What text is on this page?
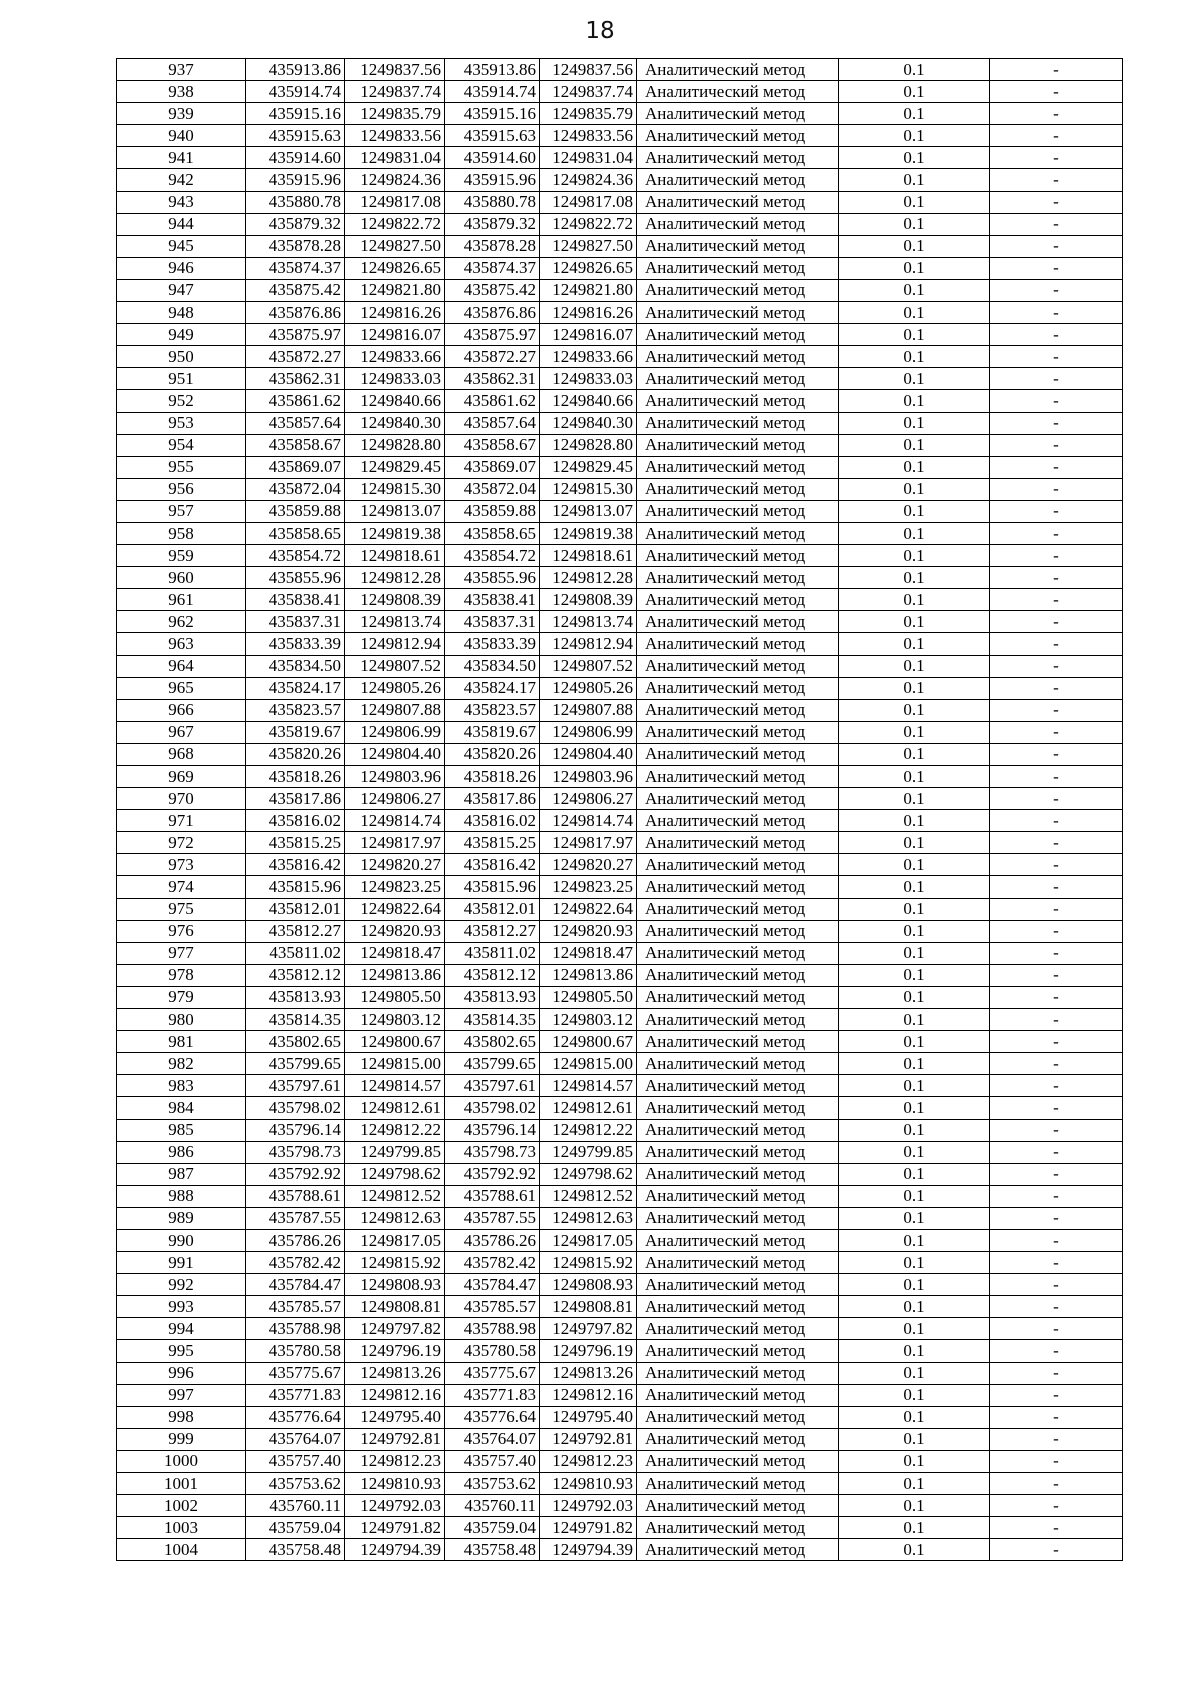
18
937	435913.86	1249837.56	435913.86	1249837.56	Аналитический метод	0.1	-
938	435914.74	1249837.74	435914.74	1249837.74	Аналитический метод	0.1	-
939	435915.16	1249835.79	435915.16	1249835.79	Аналитический метод	0.1	-
940	435915.63	1249833.56	435915.63	1249833.56	Аналитический метод	0.1	-
941	435914.60	1249831.04	435914.60	1249831.04	Аналитический метод	0.1	-
942	435915.96	1249824.36	435915.96	1249824.36	Аналитический метод	0.1	-
943	435880.78	1249817.08	435880.78	1249817.08	Аналитический метод	0.1	-
944	435879.32	1249822.72	435879.32	1249822.72	Аналитический метод	0.1	-
945	435878.28	1249827.50	435878.28	1249827.50	Аналитический метод	0.1	-
946	435874.37	1249826.65	435874.37	1249826.65	Аналитический метод	0.1	-
947	435875.42	1249821.80	435875.42	1249821.80	Аналитический метод	0.1	-
948	435876.86	1249816.26	435876.86	1249816.26	Аналитический метод	0.1	-
949	435875.97	1249816.07	435875.97	1249816.07	Аналитический метод	0.1	-
950	435872.27	1249833.66	435872.27	1249833.66	Аналитический метод	0.1	-
951	435862.31	1249833.03	435862.31	1249833.03	Аналитический метод	0.1	-
952	435861.62	1249840.66	435861.62	1249840.66	Аналитический метод	0.1	-
953	435857.64	1249840.30	435857.64	1249840.30	Аналитический метод	0.1	-
954	435858.67	1249828.80	435858.67	1249828.80	Аналитический метод	0.1	-
955	435869.07	1249829.45	435869.07	1249829.45	Аналитический метод	0.1	-
956	435872.04	1249815.30	435872.04	1249815.30	Аналитический метод	0.1	-
957	435859.88	1249813.07	435859.88	1249813.07	Аналитический метод	0.1	-
958	435858.65	1249819.38	435858.65	1249819.38	Аналитический метод	0.1	-
959	435854.72	1249818.61	435854.72	1249818.61	Аналитический метод	0.1	-
960	435855.96	1249812.28	435855.96	1249812.28	Аналитический метод	0.1	-
961	435838.41	1249808.39	435838.41	1249808.39	Аналитический метод	0.1	-
962	435837.31	1249813.74	435837.31	1249813.74	Аналитический метод	0.1	-
963	435833.39	1249812.94	435833.39	1249812.94	Аналитический метод	0.1	-
964	435834.50	1249807.52	435834.50	1249807.52	Аналитический метод	0.1	-
965	435824.17	1249805.26	435824.17	1249805.26	Аналитический метод	0.1	-
966	435823.57	1249807.88	435823.57	1249807.88	Аналитический метод	0.1	-
967	435819.67	1249806.99	435819.67	1249806.99	Аналитический метод	0.1	-
968	435820.26	1249804.40	435820.26	1249804.40	Аналитический метод	0.1	-
969	435818.26	1249803.96	435818.26	1249803.96	Аналитический метод	0.1	-
970	435817.86	1249806.27	435817.86	1249806.27	Аналитический метод	0.1	-
971	435816.02	1249814.74	435816.02	1249814.74	Аналитический метод	0.1	-
972	435815.25	1249817.97	435815.25	1249817.97	Аналитический метод	0.1	-
973	435816.42	1249820.27	435816.42	1249820.27	Аналитический метод	0.1	-
974	435815.96	1249823.25	435815.96	1249823.25	Аналитический метод	0.1	-
975	435812.01	1249822.64	435812.01	1249822.64	Аналитический метод	0.1	-
976	435812.27	1249820.93	435812.27	1249820.93	Аналитический метод	0.1	-
977	435811.02	1249818.47	435811.02	1249818.47	Аналитический метод	0.1	-
978	435812.12	1249813.86	435812.12	1249813.86	Аналитический метод	0.1	-
979	435813.93	1249805.50	435813.93	1249805.50	Аналитический метод	0.1	-
980	435814.35	1249803.12	435814.35	1249803.12	Аналитический метод	0.1	-
981	435802.65	1249800.67	435802.65	1249800.67	Аналитический метод	0.1	-
982	435799.65	1249815.00	435799.65	1249815.00	Аналитический метод	0.1	-
983	435797.61	1249814.57	435797.61	1249814.57	Аналитический метод	0.1	-
984	435798.02	1249812.61	435798.02	1249812.61	Аналитический метод	0.1	-
985	435796.14	1249812.22	435796.14	1249812.22	Аналитический метод	0.1	-
986	435798.73	1249799.85	435798.73	1249799.85	Аналитический метод	0.1	-
987	435792.92	1249798.62	435792.92	1249798.62	Аналитический метод	0.1	-
988	435788.61	1249812.52	435788.61	1249812.52	Аналитический метод	0.1	-
989	435787.55	1249812.63	435787.55	1249812.63	Аналитический метод	0.1	-
990	435786.26	1249817.05	435786.26	1249817.05	Аналитический метод	0.1	-
991	435782.42	1249815.92	435782.42	1249815.92	Аналитический метод	0.1	-
992	435784.47	1249808.93	435784.47	1249808.93	Аналитический метод	0.1	-
993	435785.57	1249808.81	435785.57	1249808.81	Аналитический метод	0.1	-
994	435788.98	1249797.82	435788.98	1249797.82	Аналитический метод	0.1	-
995	435780.58	1249796.19	435780.58	1249796.19	Аналитический метод	0.1	-
996	435775.67	1249813.26	435775.67	1249813.26	Аналитический метод	0.1	-
997	435771.83	1249812.16	435771.83	1249812.16	Аналитический метод	0.1	-
998	435776.64	1249795.40	435776.64	1249795.40	Аналитический метод	0.1	-
999	435764.07	1249792.81	435764.07	1249792.81	Аналитический метод	0.1	-
1000	435757.40	1249812.23	435757.40	1249812.23	Аналитический метод	0.1	-
1001	435753.62	1249810.93	435753.62	1249810.93	Аналитический метод	0.1	-
1002	435760.11	1249792.03	435760.11	1249792.03	Аналитический метод	0.1	-
1003	435759.04	1249791.82	435759.04	1249791.82	Аналитический метод	0.1	-
1004	435758.48	1249794.39	435758.48	1249794.39	Аналитический метод	0.1	-
